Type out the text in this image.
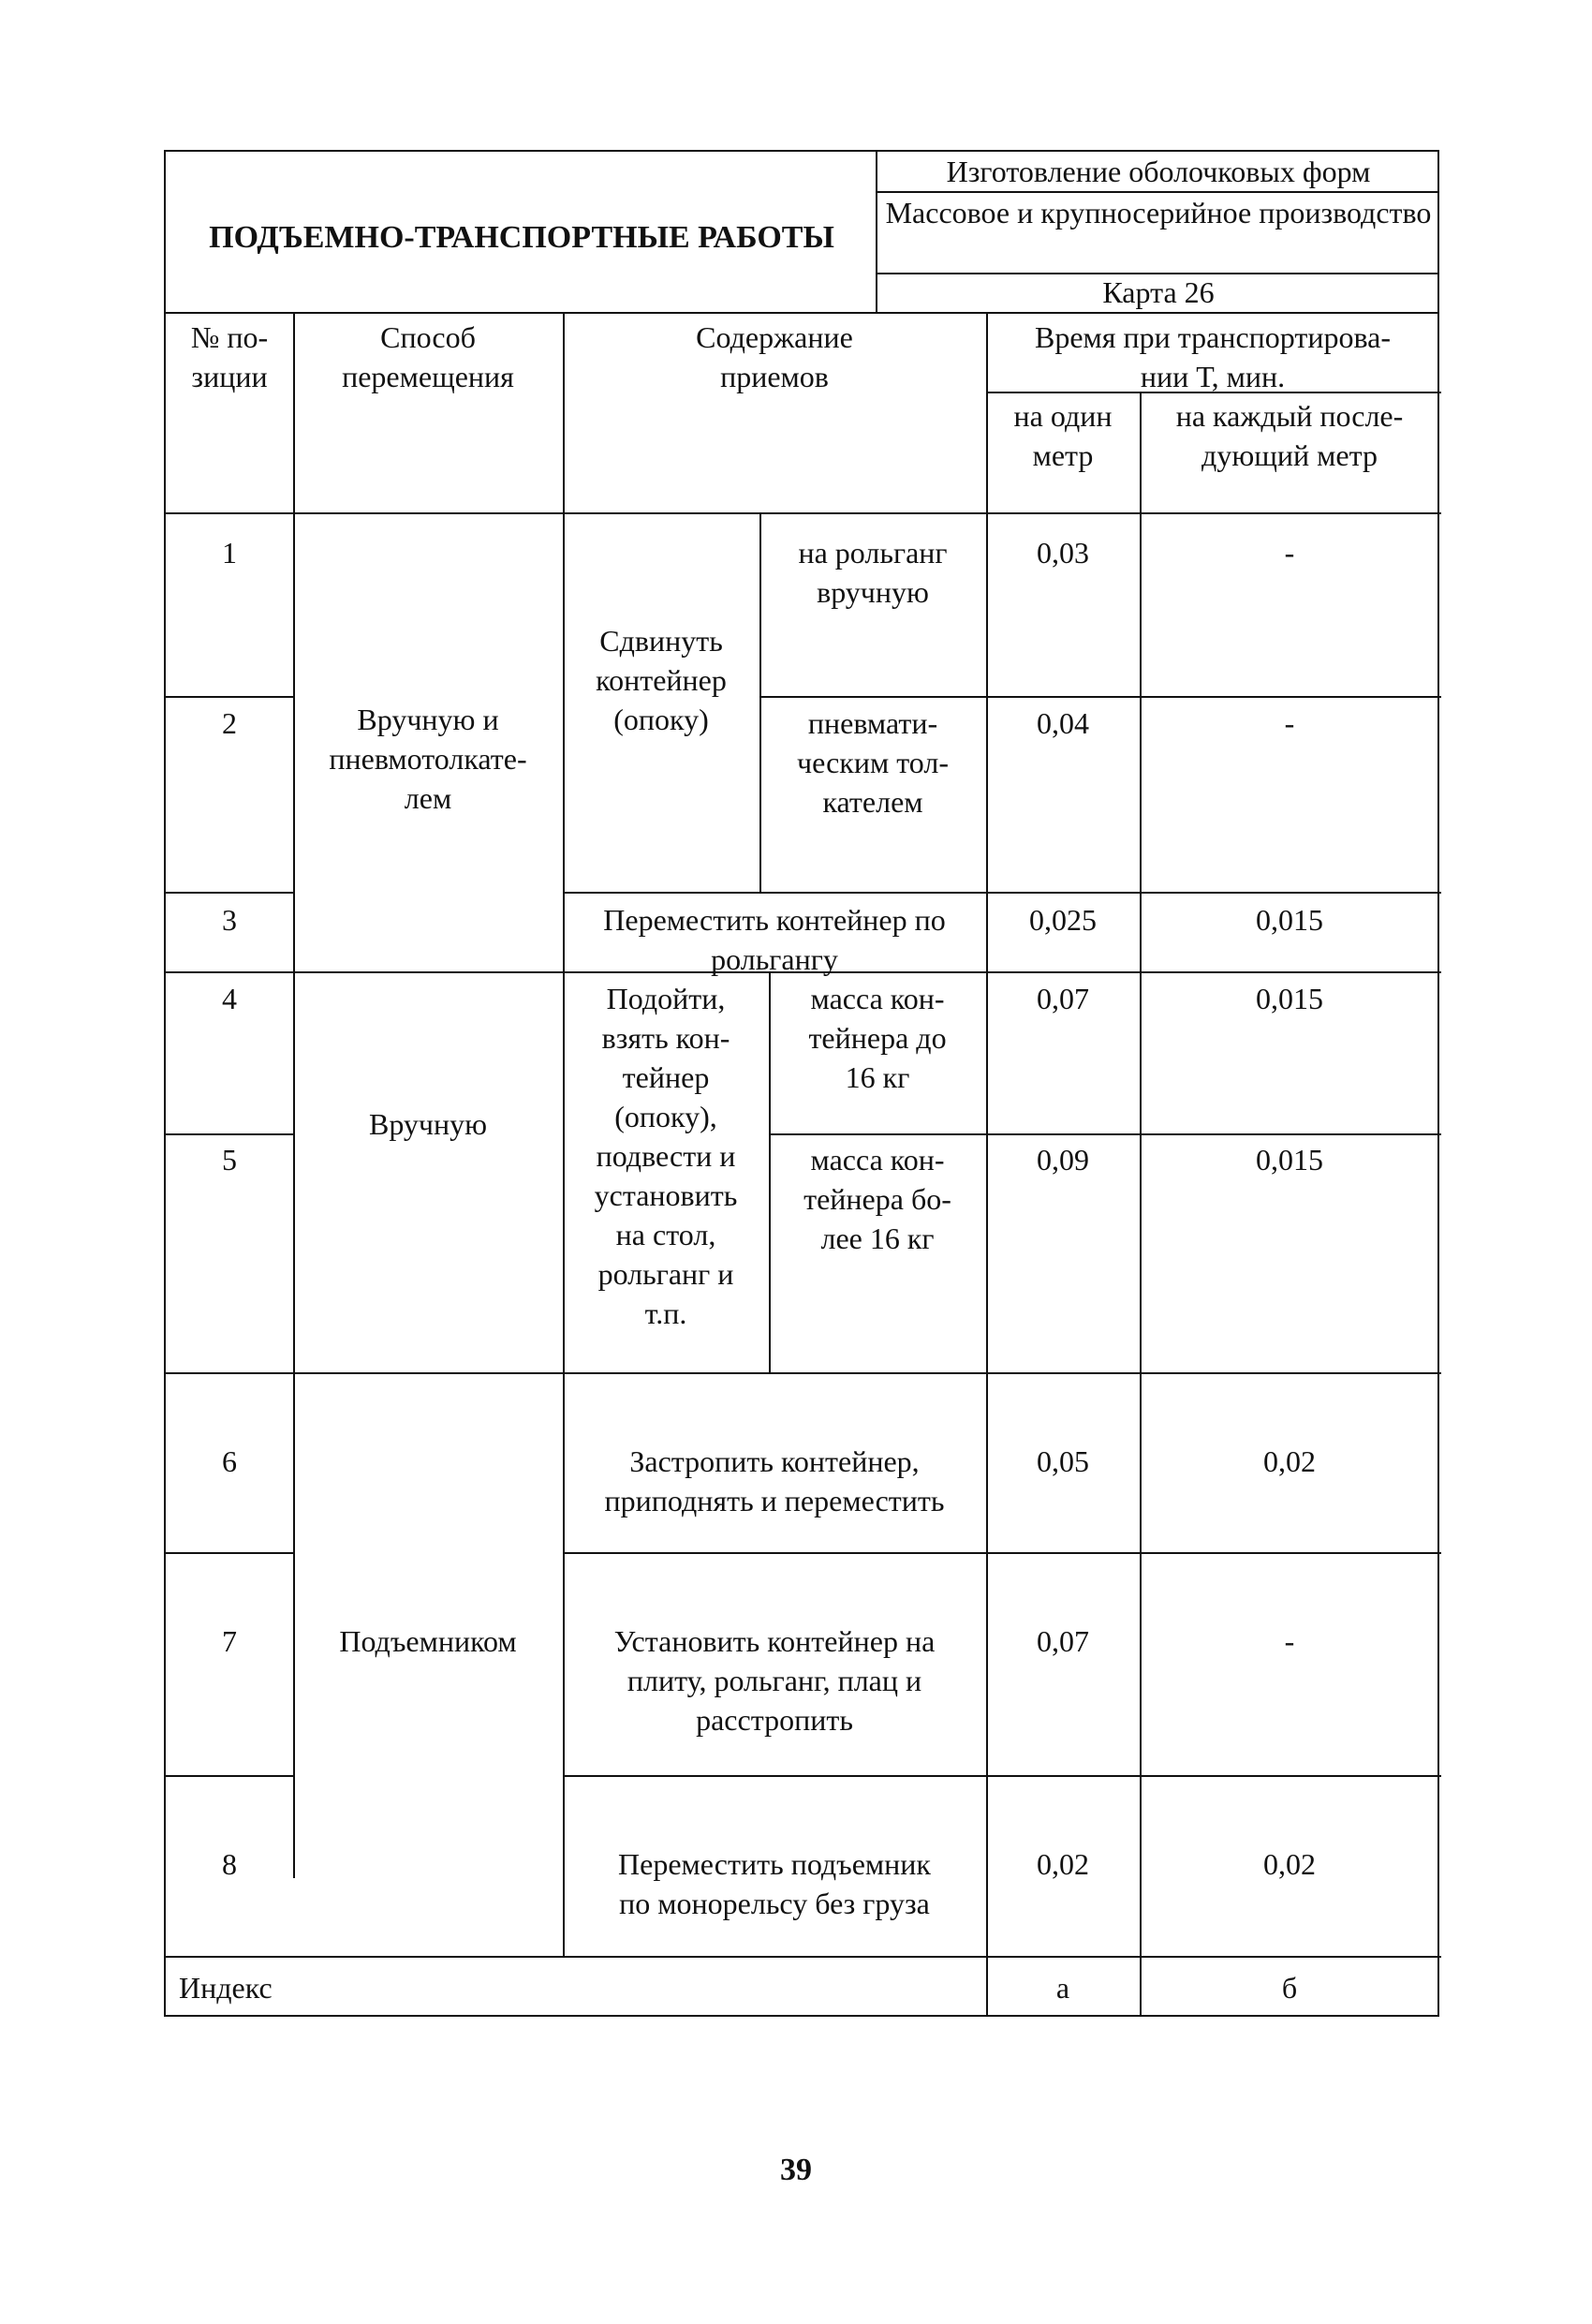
ПОДЪЕМНО-ТРАНСПОРТНЫЕ РАБОТЫ
Изготовление оболочковых форм
Массовое и крупносерийное производство
Карта 26
№ по-
зиции
Способ
перемещения
Содержание
приемов
Время при транспортирова-
нии Т, мин.
на один
метр
на каждый после-
дующий метр
1
2
3
4
5
6
7
8
Вручную и
пневмотолкате-
лем
Вручную
Подъемником
Сдвинуть
контейнер
(опоку)
на рольганг
вручную
пневмати-
ческим тол-
кателем
Переместить контейнер по
рольгангу
Подойти,
взять кон-
тейнер
(опоку),
подвести и
установить
на стол,
рольганг и
т.п.
масса кон-
тейнера до
16 кг
масса кон-
тейнера бо-
лее 16 кг
Застропить контейнер,
приподнять и переместить
Установить контейнер на
плиту, рольганг, плац и
расстропить
Переместить подъемник
по монорельсу без груза
0,03
0,04
0,025
0,07
0,09
0,05
0,07
0,02
-
-
0,015
0,015
0,015
0,02
-
0,02
Индекс	а	б
39
